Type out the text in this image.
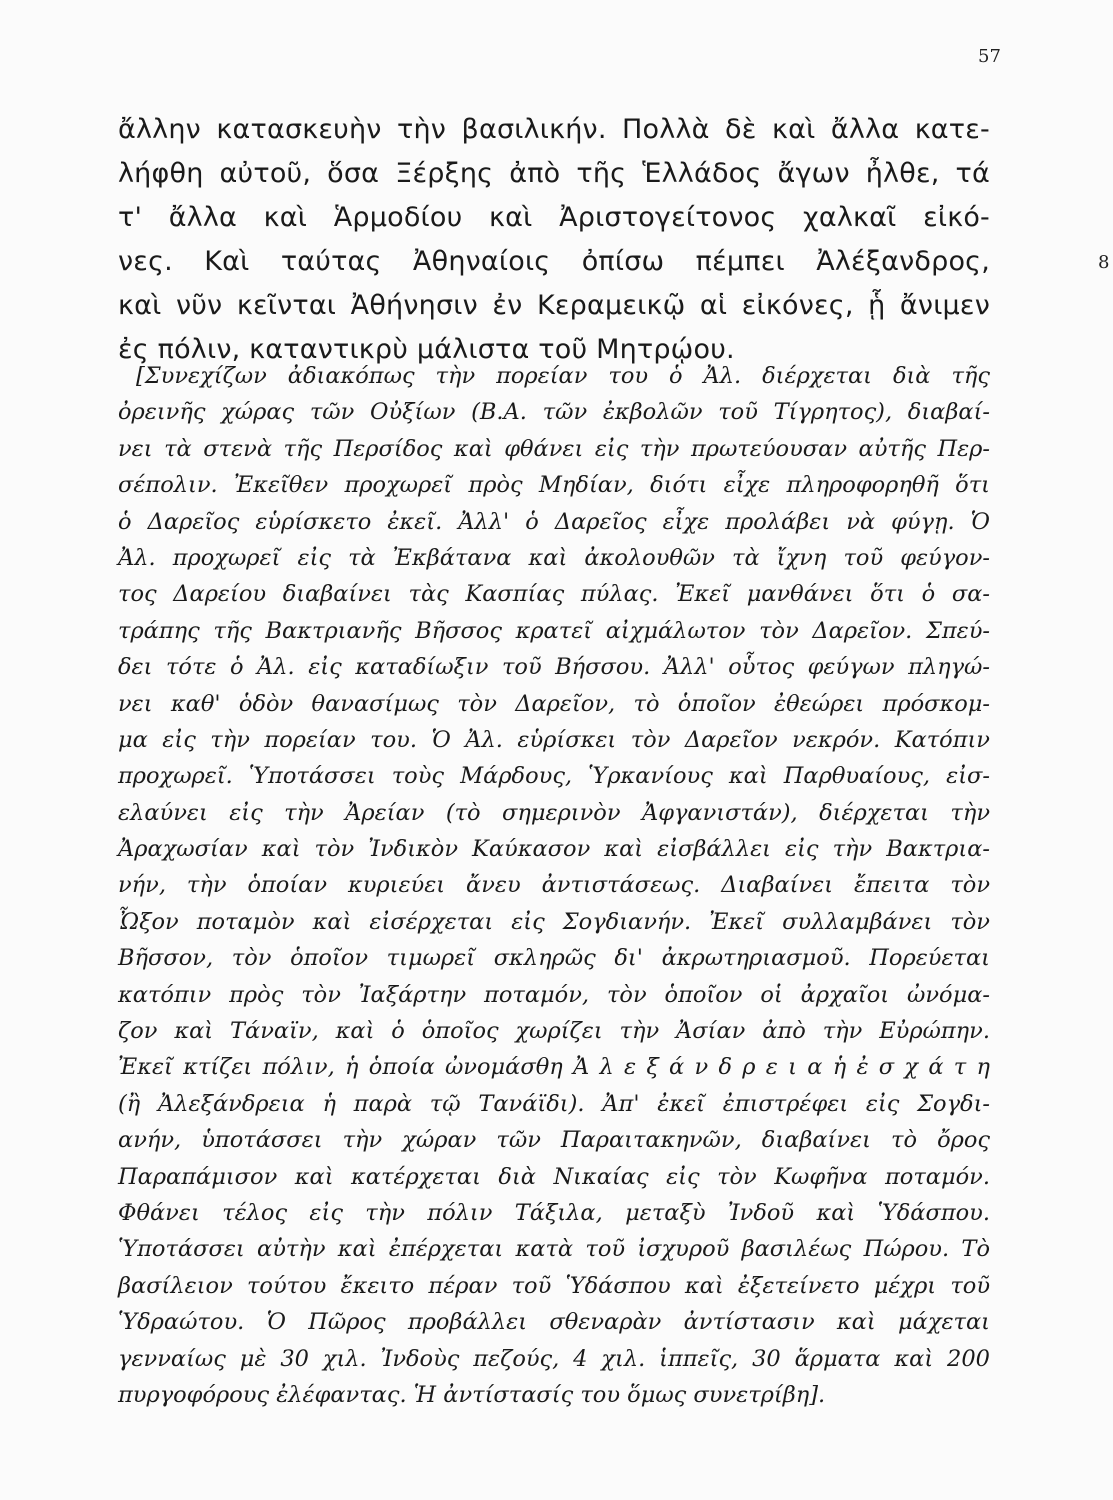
57
8
ἄλλην κατασκευὴν τὴν βασιλικήν. Πολλὰ δὲ καὶ ἄλλα κατε-
λήφθη αὐτοῦ, ὅσα Ξέρξης ἀπὸ τῆς Ἑλλάδος ἄγων ἦλθε, τά
τ' ἄλλα καὶ Ἁρμοδίου καὶ Ἀριστογείτονος χαλκαῖ εἰκό-
νες. Καὶ ταύτας Ἀθηναίοις ὀπίσω πέμπει Ἀλέξανδρος,
καὶ νῦν κεῖνται Ἀθήνησιν ἐν Κεραμεικῷ αἱ εἰκόνες, ᾗ ἄνιμεν
ἐς πόλιν, καταντικρὺ μάλιστα τοῦ Μητρῴου.
[Συνεχίζων ἀδιακόπως τὴν πορείαν του ὁ Ἀλ. διέρχεται διὰ τῆς
ὀρεινῆς χώρας τῶν Οὐξίων (Β.Α. τῶν ἐκβολῶν τοῦ Τίγρητος), διαβαί-
νει τὰ στενὰ τῆς Περσίδος καὶ φθάνει εἰς τὴν πρωτεύουσαν αὐτῆς Περ-
σέπολιν. Ἐκεῖθεν προχωρεῖ πρὸς Μηδίαν, διότι εἶχε πληροφορηθῆ ὅτι
ὁ Δαρεῖος εὑρίσκετο ἐκεῖ. Ἀλλ' ὁ Δαρεῖος εἶχε προλάβει νὰ φύγῃ. Ὁ
Ἀλ. προχωρεῖ εἰς τὰ Ἐκβάτανα καὶ ἀκολουθῶν τὰ ἴχνη τοῦ φεύγον-
τος Δαρείου διαβαίνει τὰς Κασπίας πύλας. Ἐκεῖ μανθάνει ὅτι ὁ σα-
τράπης τῆς Βακτριανῆς Βῆσσος κρατεῖ αἰχμάλωτον τὸν Δαρεῖον. Σπεύ-
δει τότε ὁ Ἀλ. εἰς καταδίωξιν τοῦ Βήσσου. Ἀλλ' οὗτος φεύγων πληγώ-
νει καθ' ὁδὸν θανασίμως τὸν Δαρεῖον, τὸ ὁποῖον ἐθεώρει πρόσκομ-
μα εἰς τὴν πορείαν του. Ὁ Ἀλ. εὑρίσκει τὸν Δαρεῖον νεκρόν. Κατόπιν
προχωρεῖ. Ὑποτάσσει τοὺς Μάρδους, Ὑρκανίους καὶ Παρθυαίους, εἰσ-
ελαύνει εἰς τὴν Ἀρείαν (τὸ σημερινὸν Ἀφγανιστάν), διέρχεται τὴν
Ἀραχωσίαν καὶ τὸν Ἰνδικὸν Καύκασον καὶ εἰσβάλλει εἰς τὴν Βακτρια-
νήν, τὴν ὁποίαν κυριεύει ἄνευ ἀντιστάσεως. Διαβαίνει ἔπειτα τὸν
Ὦξον ποταμὸν καὶ εἰσέρχεται εἰς Σογδιανήν. Ἐκεῖ συλλαμβάνει τὸν
Βῆσσον, τὸν ὁποῖον τιμωρεῖ σκληρῶς δι' ἀκρωτηριασμοῦ. Πορεύεται
κατόπιν πρὸς τὸν Ἰαξάρτην ποταμόν, τὸν ὁποῖον οἱ ἀρχαῖοι ὠνόμα-
ζον καὶ Τάναϊν, καὶ ὁ ὁποῖος χωρίζει τὴν Ἀσίαν ἀπὸ τὴν Εὐρώπην.
Ἐκεῖ κτίζει πόλιν, ἡ ὁποία ὠνομάσθη Ἀ λ ε ξ ά ν δ ρ ε ι α ἡ ἐ σ χ ά τ η
(ἢ Ἀλεξάνδρεια ἡ παρὰ τῷ Τανάϊδι). Ἀπ' ἐκεῖ ἐπιστρέφει εἰς Σογδι-
ανήν, ὑποτάσσει τὴν χώραν τῶν Παραιτακηνῶν, διαβαίνει τὸ ὄρος
Παραπάμισον καὶ κατέρχεται διὰ Νικαίας εἰς τὸν Κωφῆνα ποταμόν.
Φθάνει τέλος εἰς τὴν πόλιν Τάξιλα, μεταξὺ Ἰνδοῦ καὶ Ὑδάσπου.
Ὑποτάσσει αὐτὴν καὶ ἐπέρχεται κατὰ τοῦ ἰσχυροῦ βασιλέως Πώρου. Τὸ
βασίλειον τούτου ἔκειτο πέραν τοῦ Ὑδάσπου καὶ ἐξετείνετο μέχρι τοῦ
Ὑδραώτου. Ὁ Πῶρος προβάλλει σθεναρὰν ἀντίστασιν καὶ μάχεται
γενναίως μὲ 30 χιλ. Ἰνδοὺς πεζούς, 4 χιλ. ἱππεῖς, 30 ἅρματα καὶ 200
πυργοφόρους ἐλέφαντας. Ἡ ἀντίστασίς του ὅμως συνετρίβη].
